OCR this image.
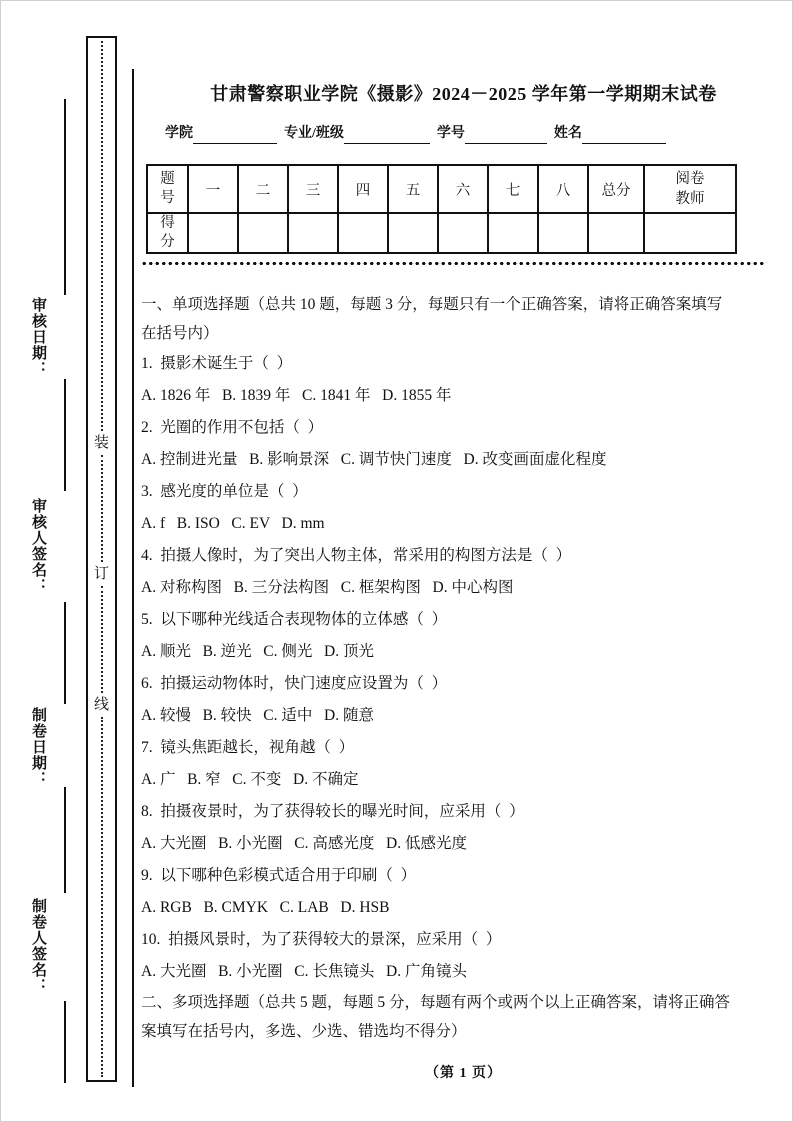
审核日期：
审核人签名：
制卷日期：
制卷人签名：
装
订
线
甘肃警察职业学院《摄影》2024－2025 学年第一学期期末试卷
学院	专业/班级	学号	姓名
题号	一	二	三	四	五	六	七	八	总分	阅卷教师
得分										

一、单项选择题（总共 10 题，每题 3 分，每题只有一个正确答案，请将正确答案填写

在括号内）

1.  摄影术诞生于（  ）

A. 1826 年   B. 1839 年   C. 1841 年   D. 1855 年

2.  光圈的作用不包括（  ）

A. 控制进光量   B. 影响景深   C. 调节快门速度   D. 改变画面虚化程度

3.  感光度的单位是（  ）

A. f   B. ISO   C. EV   D. mm

4.  拍摄人像时，为了突出人物主体，常采用的构图方法是（  ）

A. 对称构图   B. 三分法构图   C. 框架构图   D. 中心构图

5.  以下哪种光线适合表现物体的立体感（  ）

A. 顺光   B. 逆光   C. 侧光   D. 顶光

6.  拍摄运动物体时，快门速度应设置为（  ）

A. 较慢   B. 较快   C. 适中   D. 随意

7.  镜头焦距越长，视角越（  ）

A. 广   B. 窄   C. 不变   D. 不确定

8.  拍摄夜景时，为了获得较长的曝光时间，应采用（  ）

A. 大光圈   B. 小光圈   C. 高感光度   D. 低感光度

9.  以下哪种色彩模式适合用于印刷（  ）

A. RGB   B. CMYK   C. LAB   D. HSB

10.  拍摄风景时，为了获得较大的景深，应采用（  ）

A. 大光圈   B. 小光圈   C. 长焦镜头   D. 广角镜头

二、多项选择题（总共 5 题，每题 5 分，每题有两个或两个以上正确答案，请将正确答

案填写在括号内，多选、少选、错选均不得分）

（第 1 页）
